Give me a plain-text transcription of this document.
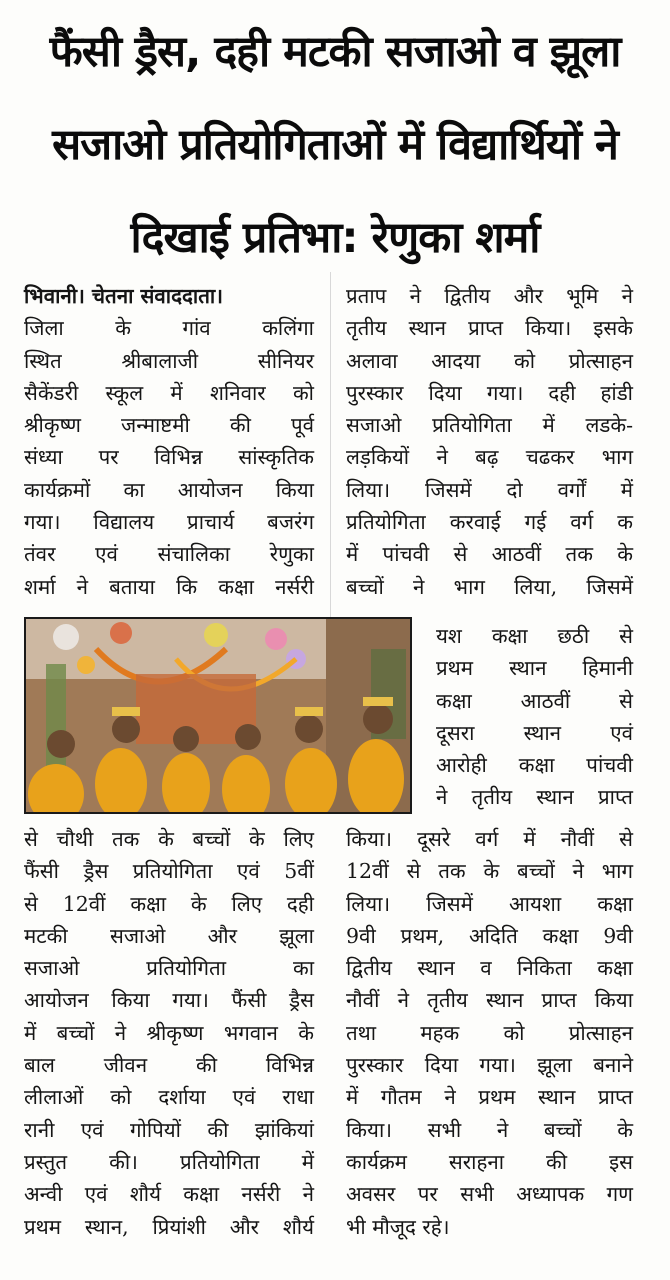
फैंसी ड्रैस, दही मटकी सजाओ व झूला
सजाओ प्रतियोगिताओं में विद्यार्थियों ने
दिखाई प्रतिभा: रेणुका शर्मा

भिवानी। चेतना संवाददाता।

जिला के गांव कलिंगा

स्थित श्रीबालाजी सीनियर

सैकेंडरी स्कूल में शनिवार को

श्रीकृष्ण जन्माष्टमी की पूर्व

संध्या पर विभिन्न सांस्कृतिक

कार्यक्रमों का आयोजन किया

गया। विद्यालय प्राचार्य बजरंग

तंवर एवं संचालिका रेणुका

शर्मा ने बताया कि कक्षा नर्सरी

से चौथी तक के बच्चों के लिए

फैंसी ड्रैस प्रतियोगिता एवं 5वीं

से 12वीं कक्षा के लिए दही

मटकी सजाओ और झूला

सजाओ प्रतियोगिता का

आयोजन किया गया। फैंसी ड्रैस

में बच्चों ने श्रीकृष्ण भगवान के

बाल जीवन की विभिन्न

लीलाओं को दर्शाया एवं राधा

रानी एवं गोपियों की झांकियां

प्रस्तुत की। प्रतियोगिता में

अन्वी एवं शौर्य कक्षा नर्सरी ने

प्रथम स्थान, प्रियांशी और शौर्य

प्रताप ने द्वितीय और भूमि ने

तृतीय स्थान प्राप्त किया। इसके

अलावा आदया को प्रोत्साहन

पुरस्कार दिया गया। दही हांडी

सजाओ प्रतियोगिता में लडके-

लड़कियों ने बढ़ चढकर भाग

लिया। जिसमें दो वर्गों में

प्रतियोगिता करवाई गई वर्ग क

में पांचवी से आठवीं तक के

बच्चों ने भाग लिया, जिसमें

यश कक्षा छठी से

प्रथम स्थान हिमानी

कक्षा आठवीं से

दूसरा स्थान एवं

आरोही कक्षा पांचवी

ने तृतीय स्थान प्राप्त

किया। दूसरे वर्ग में नौवीं से

12वीं से तक के बच्चों ने भाग

लिया। जिसमें आयशा कक्षा

9वी प्रथम, अदिति कक्षा 9वी

द्वितीय स्थान व निकिता कक्षा

नौवीं ने तृतीय स्थान प्राप्त किया

तथा महक को प्रोत्साहन

पुरस्कार दिया गया। झूला बनाने

में गौतम ने प्रथम स्थान प्राप्त

किया। सभी ने बच्चों के

कार्यक्रम सराहना की इस

अवसर पर सभी अध्यापक गण

भी मौजूद रहे।
